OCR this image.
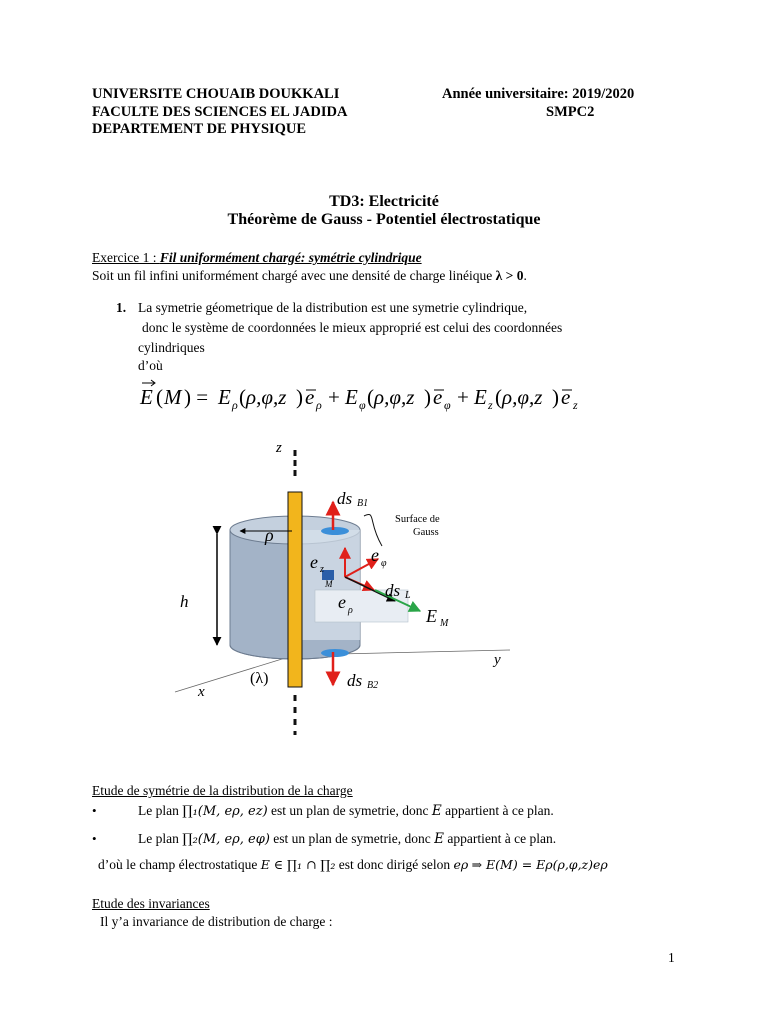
UNIVERSITE CHOUAIB DOUKKALI
FACULTE DES SCIENCES EL JADIDA
DEPARTEMENT DE PHYSIQUE
Année universitaire: 2019/2020
SMPC2
TD3: Electricité
Théorème de Gauss - Potentiel électrostatique
Exercice 1 : Fil uniformément chargé: symétrie cylindrique
Soit un fil infini uniformément chargé avec une densité de charge linéique λ > 0.
1. La symetrie géometrique de la distribution est une symetrie cylindrique,
donc le système de coordonnées le mieux approprié est celui des coordonnées
cylindriques
d’où
E ( M ) = E ρ ( ρ,φ,z ) e ρ + E φ ( ρ,φ,z ) e φ + E z ( ρ,φ,z ) e z
z
y
x
h
ρ
(λ)
ds B1
ds B2
ds L
e z
e φ
e ρ	E M
M
Surface de
Gauss
Etude de symétrie de la distribution de la charge
•	Le plan ∏₁(M, eρ, ez) est un plan de symetrie, donc E appartient à ce plan.
•	Le plan ∏₂(M, eρ, eφ) est un plan de symetrie, donc E appartient à ce plan.
d’où le champ électrostatique E ∈ ∏₁ ∩ ∏₂ est donc dirigé selon eρ ⇒ E(M) = Eρ(ρ,φ,z)eρ
Etude des invariances
Il y’a invariance de distribution de charge :
1
